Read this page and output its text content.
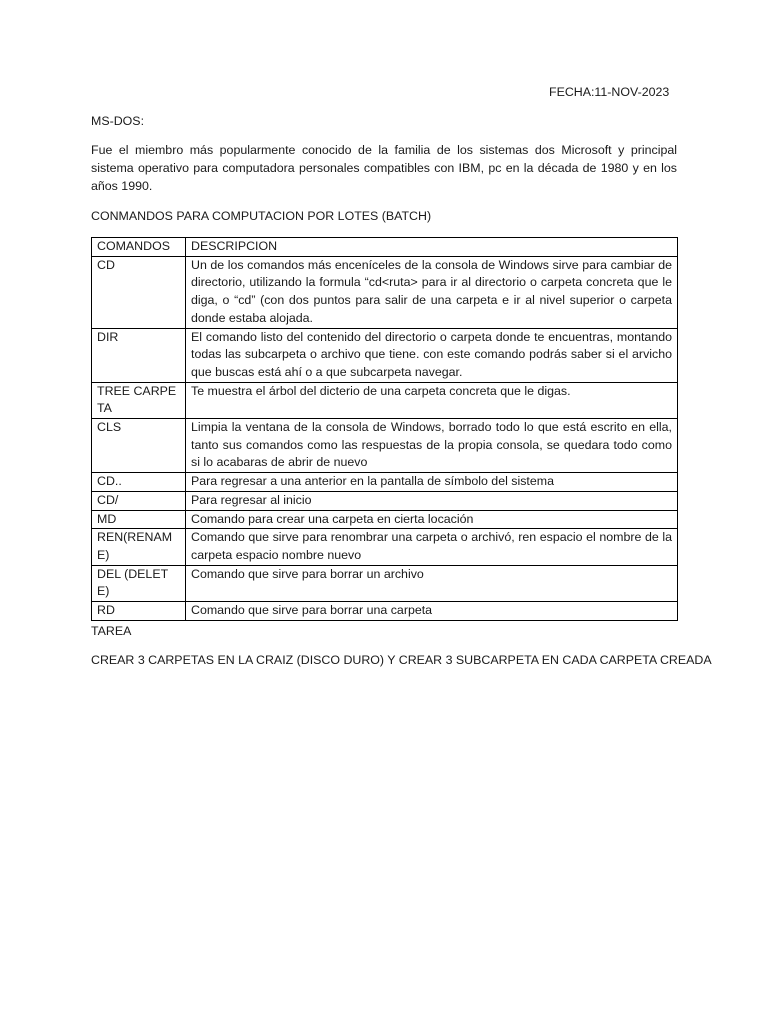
FECHA:11-NOV-2023
MS-DOS:
Fue el miembro más popularmente conocido de la familia de los sistemas dos Microsoft y principal sistema operativo para computadora personales compatibles con IBM, pc en la década de 1980 y en los años 1990.
CONMANDOS PARA COMPUTACION POR LOTES (BATCH)
COMANDOS	DESCRIPCION
CD	Un de los comandos más enceníceles de la consola de Windows sirve para cambiar de directorio, utilizando la formula “cd<ruta> para ir al directorio o carpeta concreta que le diga, o “cd” (con dos puntos para salir de una carpeta e ir al nivel superior o carpeta donde estaba alojada.
DIR	El comando listo del contenido del directorio o carpeta donde te encuentras, montando todas las subcarpeta o archivo que tiene. con este comando podrás saber si el arvicho que buscas está ahí o a que subcarpeta navegar.
TREE CARPETA	Te muestra el árbol del dicterio de una carpeta concreta que le digas.
CLS	Limpia la ventana de la consola de Windows, borrado todo lo que está escrito en ella, tanto sus comandos como las respuestas de la propia consola, se quedara todo como si lo acabaras de abrir de nuevo
CD..	Para regresar a una anterior en la pantalla de símbolo del sistema
CD/	Para regresar al inicio
MD	Comando para crear una carpeta en cierta locación
REN(RENAME)	Comando que sirve para renombrar una carpeta o archivó, ren espacio el nombre de la carpeta espacio nombre nuevo
DEL (DELETE)	Comando que sirve para borrar un archivo
RD	Comando que sirve para borrar una carpeta
TAREA
CREAR 3 CARPETAS EN LA CRAIZ (DISCO DURO) Y CREAR 3 SUBCARPETA EN CADA CARPETA CREADA
